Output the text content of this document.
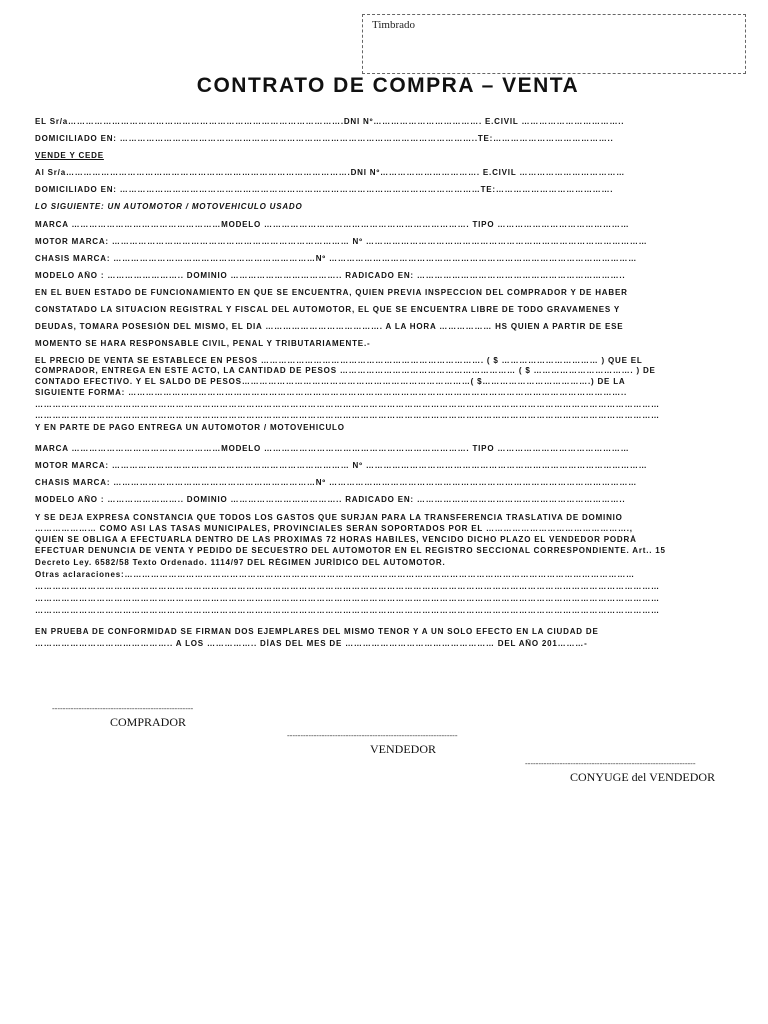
Timbrado
CONTRATO DE COMPRA – VENTA
EL Sr/a………………………………………………………………………………….DNI Nº………………………………. E.CIVIL ……………………………..
DOMICILIADO EN: …………………………………………………………………………………………………………..TE:…………………………………..
VENDE Y CEDE
Al Sr/a…………………………………………………………………………………….DNI Nº……………………………. E.CIVIL ………………………………
DOMICILIADO EN: ……………………………………………………………………………………………………………TE:………………………………….
LO SIGUIENTE: UN AUTOMOTOR / MOTOVEHICULO USADO
MARCA ……………………………………………MODELO ……………………………………………………………. TIPO ………………………………………
MOTOR MARCA: ……………………………………………………………………… Nº ……………………………………………………………………………………
CHASIS MARCA: ……………………………………………………………Nº ……………………………………………………………………………………………
MODELO AÑO : …………………….. DOMINIO ……………………………….. RADICADO EN: ……………………………………………………………..
EN EL BUEN ESTADO DE FUNCIONAMIENTO EN QUE SE ENCUENTRA, QUIEN PREVIA INSPECCION DEL COMPRADOR Y DE HABER
CONSTATADO LA SITUACION REGISTRAL Y FISCAL DEL AUTOMOTOR, EL QUE SE ENCUENTRA LIBRE DE TODO GRAVAMENES Y
DEUDAS, TOMARA POSESIÓN DEL MISMO, EL DIA …………………………………. A LA HORA ……………… HS QUIEN A PARTIR DE ESE
MOMENTO SE HARA RESPONSABLE CIVIL, PENAL Y TRIBUTARIAMENTE.-
EL PRECIO DE VENTA SE ESTABLECE EN PESOS …………………………………………………………………. ( $ …………………………… ) QUE EL
COMPRADOR, ENTREGA EN ESTE ACTO, LA CANTIDAD DE PESOS …………………………………………………… ( $ ……………………………. ) DE
CONTADO EFECTIVO. Y EL SALDO DE PESOS……………………………………………………………………( $……………………………….) DE LA
SIGUIENTE FORMA: ……………………………………………………………………………………………………………………………………………………..
……………………………………………………………………………………………………………………………………………………………………………………………
……………………………………………………………………………………………………………………………………………………………………………………………
Y EN PARTE DE PAGO ENTREGA UN AUTOMOTOR / MOTOVEHICULO
MARCA ……………………………………………MODELO ……………………………………………………………. TIPO ………………………………………
MOTOR MARCA: ……………………………………………………………………… Nº ……………………………………………………………………………………
CHASIS MARCA: ……………………………………………………………Nº ……………………………………………………………………………………………
MODELO AÑO : …………………….. DOMINIO ……………………………….. RADICADO EN: ……………………………………………………………..
Y SE DEJA EXPRESA CONSTANCIA QUE TODOS LOS GASTOS QUE SURJAN PARA LA TRANSFERENCIA TRASLATIVA DE DOMINIO
………………… COMO ASI LAS TASAS MUNICIPALES, PROVINCIALES SERÁN SOPORTADOS POR EL ………………………………………….,
QUIÉN SE OBLIGA A EFECTUARLA DENTRO DE LAS PROXIMAS 72 HORAS HABILES, VENCIDO DICHO PLAZO EL VENDEDOR PODRÁ
EFECTUAR DENUNCIA DE VENTA Y PEDIDO DE SECUESTRO DEL AUTOMOTOR EN EL REGISTRO SECCIONAL CORRESPONDIENTE. Art.. 15
Decreto Ley. 6582/58 Texto Ordenado. 1114/97 DEL RÉGIMEN JURÍDICO DEL AUTOMOTOR.
Otras aclaraciones:…………………………………………………………………………………………………………………………………………………………
……………………………………………………………………………………………………………………………………………………………………………………………
……………………………………………………………………………………………………………………………………………………………………………………………
……………………………………………………………………………………………………………………………………………………………………………………………
EN PRUEBA DE CONFORMIDAD SE FIRMAN DOS EJEMPLARES DEL MISMO TENOR Y A UN SOLO EFECTO EN LA CIUDAD DE
……………………………………….. A LOS …………….. DÍAS DEL MES DE …………………………………………… DEL AÑO 201………-
-----------------------------------------------------
COMPRADOR
----------------------------------------------------------------
VENDEDOR
----------------------------------------------------------------
CONYUGE del VENDEDOR
